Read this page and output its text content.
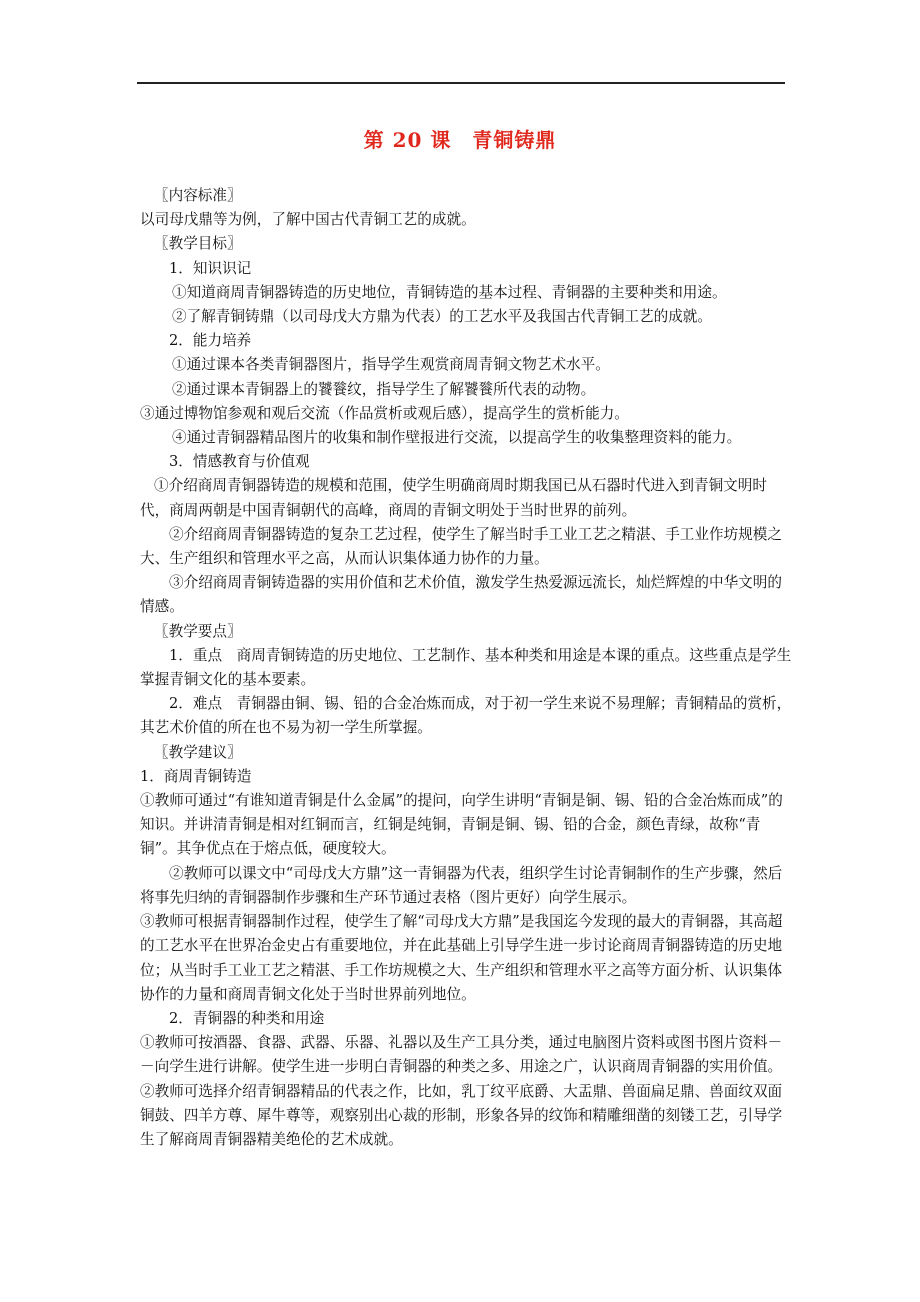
第 20 课　青铜铸鼎

〖内容标准〗

以司母戊鼎等为例，了解中国古代青铜工艺的成就。

〖教学目标〗

1．知识识记

①知道商周青铜器铸造的历史地位，青铜铸造的基本过程、青铜器的主要种类和用途。

②了解青铜铸鼎（以司母戊大方鼎为代表）的工艺水平及我国古代青铜工艺的成就。

2．能力培养

①通过课本各类青铜器图片，指导学生观赏商周青铜文物艺术水平。

②通过课本青铜器上的饕餮纹，指导学生了解饕餮所代表的动物。

③通过博物馆参观和观后交流（作品赏析或观后感），提高学生的赏析能力。

④通过青铜器精品图片的收集和制作壁报进行交流，以提高学生的收集整理资料的能力。

3．情感教育与价值观

①介绍商周青铜器铸造的规模和范围，使学生明确商周时期我国已从石器时代进入到青铜文明时代，商周两朝是中国青铜朝代的高峰，商周的青铜文明处于当时世界的前列。

②介绍商周青铜器铸造的复杂工艺过程，使学生了解当时手工业工艺之精湛、手工业作坊规模之大、生产组织和管理水平之高，从而认识集体通力协作的力量。

③介绍商周青铜铸造器的实用价值和艺术价值，激发学生热爱源远流长，灿烂辉煌的中华文明的情感。

〖教学要点〗

1．重点　商周青铜铸造的历史地位、工艺制作、基本种类和用途是本课的重点。这些重点是学生掌握青铜文化的基本要素。

2．难点　青铜器由铜、锡、铅的合金冶炼而成，对于初一学生来说不易理解；青铜精品的赏析，其艺术价值的所在也不易为初一学生所掌握。

〖教学建议〗

1．商周青铜铸造

①教师可通过“有谁知道青铜是什么金属”的提问，向学生讲明“青铜是铜、锡、铅的合金冶炼而成”的知识。并讲清青铜是相对红铜而言，红铜是纯铜，青铜是铜、锡、铅的合金，颜色青绿，故称“青铜”。其争优点在于熔点低，硬度较大。

②教师可以课文中“司母戊大方鼎”这一青铜器为代表，组织学生讨论青铜制作的生产步骤，然后将事先归纳的青铜器制作步骤和生产环节通过表格（图片更好）向学生展示。

③教师可根据青铜器制作过程，使学生了解“司母戊大方鼎”是我国迄今发现的最大的青铜器，其高超的工艺水平在世界冶金史占有重要地位，并在此基础上引导学生进一步讨论商周青铜器铸造的历史地位；从当时手工业工艺之精湛、手工作坊规模之大、生产组织和管理水平之高等方面分析、认识集体协作的力量和商周青铜文化处于当时世界前列地位。

2．青铜器的种类和用途

①教师可按酒器、食器、武器、乐器、礼器以及生产工具分类，通过电脑图片资料或图书图片资料－－向学生进行讲解。使学生进一步明白青铜器的种类之多、用途之广，认识商周青铜器的实用价值。

②教师可选择介绍青铜器精品的代表之作，比如，乳丁纹平底爵、大盂鼎、兽面扁足鼎、兽面纹双面铜鼓、四羊方尊、犀牛尊等，观察别出心裁的形制，形象各异的纹饰和精雕细凿的刻镂工艺，引导学生了解商周青铜器精美绝伦的艺术成就。
